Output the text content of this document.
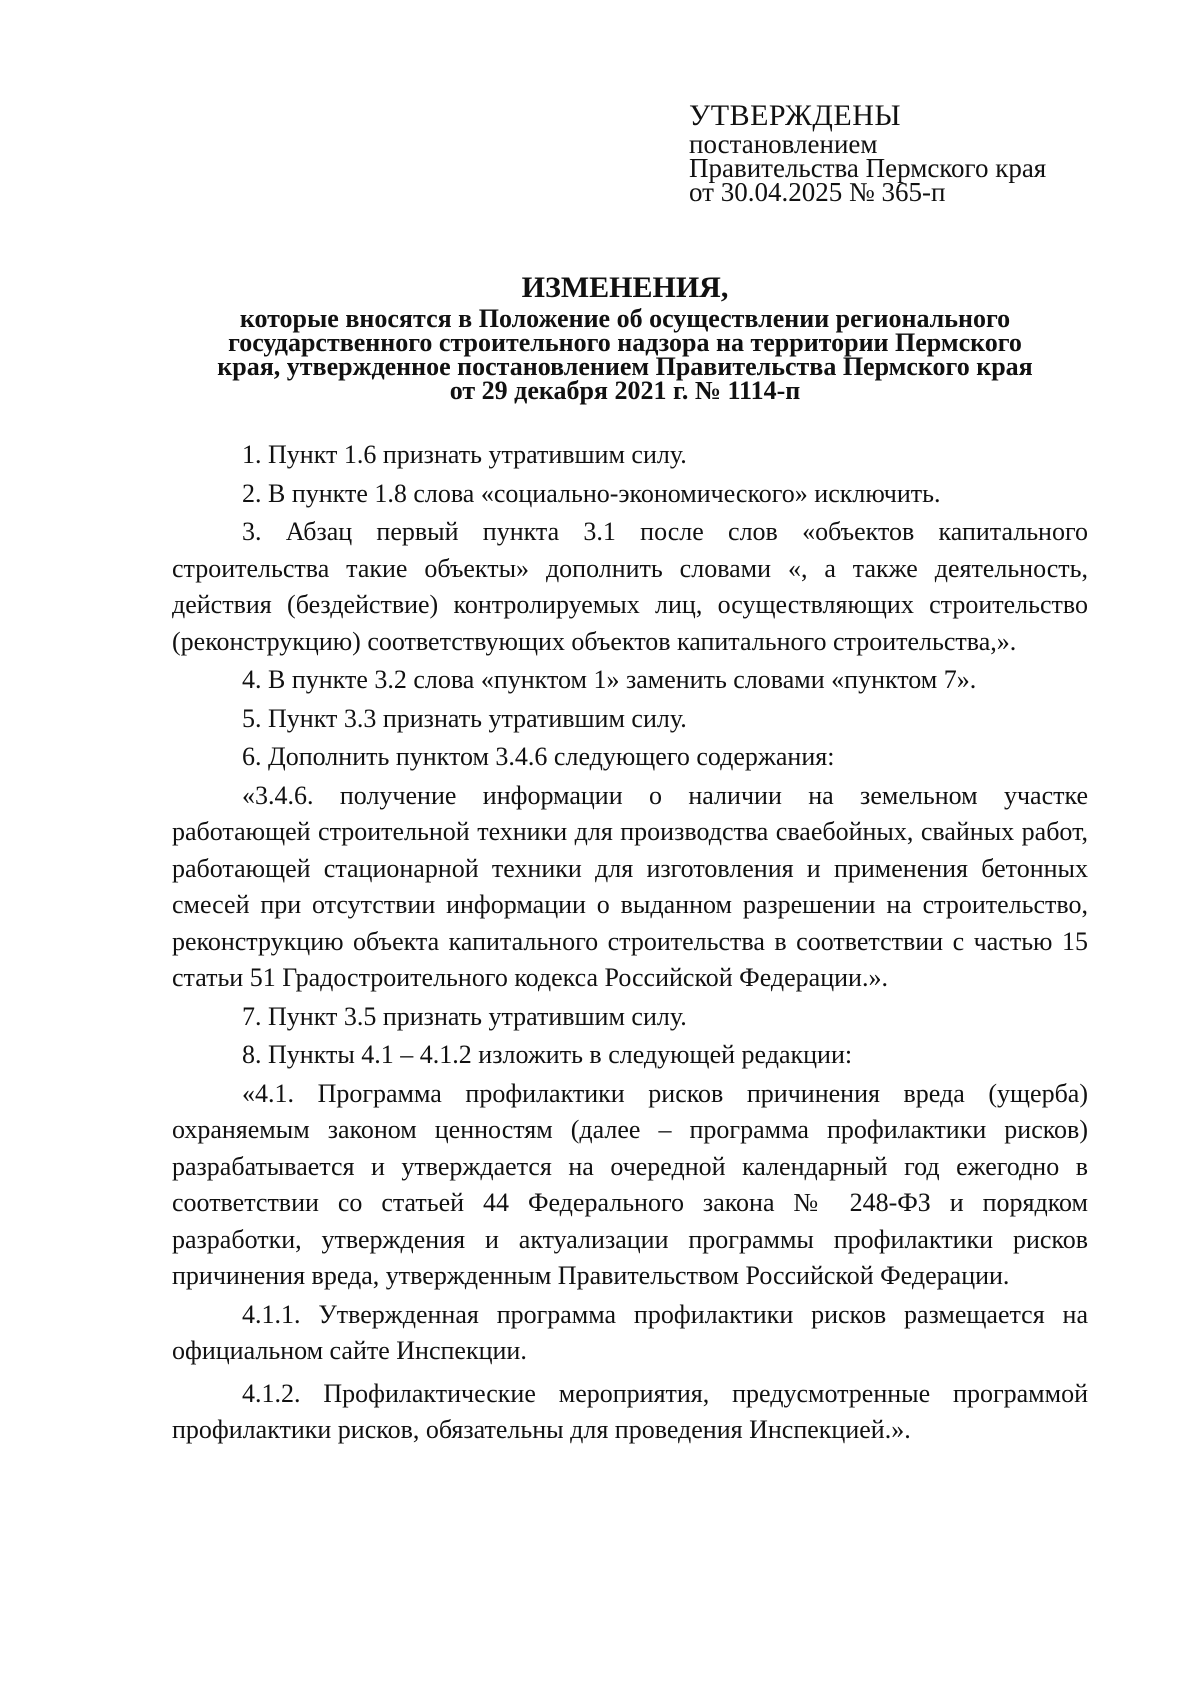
УТВЕРЖДЕНЫ
постановлением
Правительства Пермского края
от 30.04.2025 № 365-п
ИЗМЕНЕНИЯ,
которые вносятся в Положение об осуществлении регионального
государственного строительного надзора на территории Пермского
края, утвержденное постановлением Правительства Пермского края
от 29 декабря 2021 г. № 1114-п

1. Пункт 1.6 признать утратившим силу.

2. В пункте 1.8 слова «социально-экономического» исключить.

3. Абзац первый пункта 3.1 после слов «объектов капитального строительства такие объекты» дополнить словами «, а также деятельность, действия (бездействие) контролируемых лиц, осуществляющих строительство (реконструкцию) соответствующих объектов капитального строительства,».

4. В пункте 3.2 слова «пунктом 1» заменить словами «пунктом 7».

5. Пункт 3.3 признать утратившим силу.

6. Дополнить пунктом 3.4.6 следующего содержания:

«3.4.6. получение информации о наличии на земельном участке работающей строительной техники для производства сваебойных, свайных работ, работающей стационарной техники для изготовления и применения бетонных смесей при отсутствии информации о выданном разрешении на строительство, реконструкцию объекта капитального строительства в соответствии с частью 15 статьи 51 Градостроительного кодекса Российской Федерации.».

7. Пункт 3.5 признать утратившим силу.

8. Пункты 4.1 – 4.1.2 изложить в следующей редакции:

«4.1. Программа профилактики рисков причинения вреда (ущерба) охраняемым законом ценностям (далее – программа профилактики рисков) разрабатывается и утверждается на очередной календарный год ежегодно в соответствии со статьей 44 Федерального закона № 248-ФЗ и порядком разработки, утверждения и актуализации программы профилактики рисков причинения вреда, утвержденным Правительством Российской Федерации.

4.1.1. Утвержденная программа профилактики рисков размещается на официальном сайте Инспекции.

4.1.2. Профилактические мероприятия, предусмотренные программой профилактики рисков, обязательны для проведения Инспекцией.».
